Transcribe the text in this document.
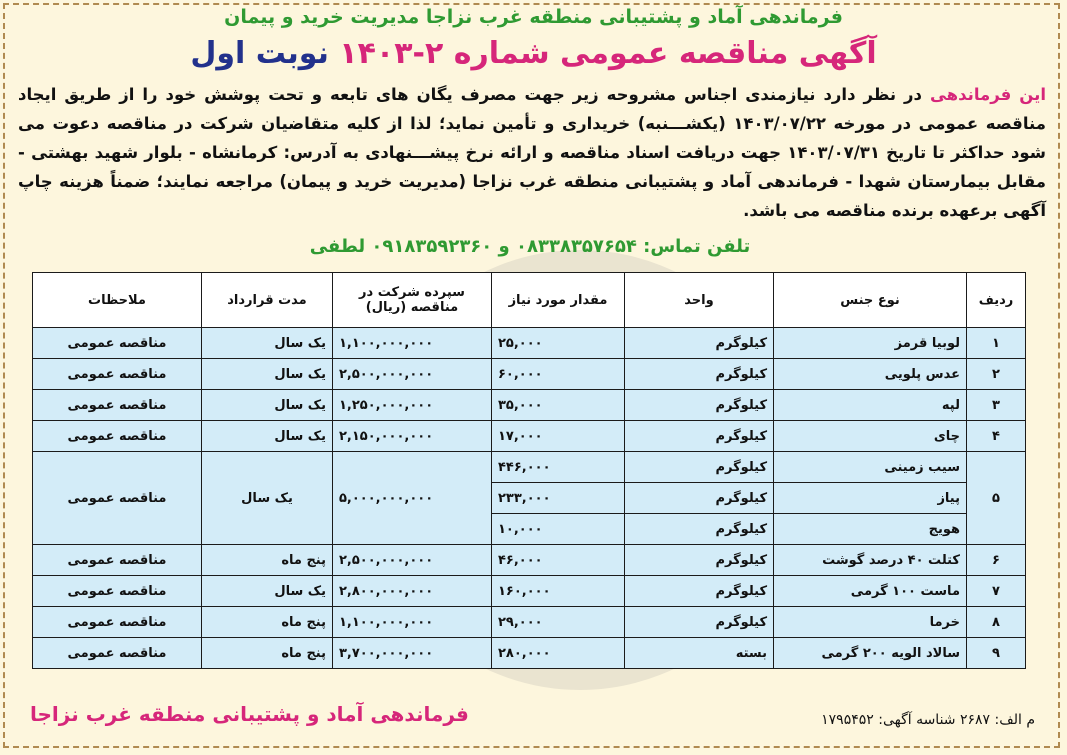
فرماندهی آماد و پشتیبانی منطقه غرب نزاجا مدیریت خرید و پیمان
آگهی مناقصه عمومی شماره ۲-۱۴۰۳ نوبت اول
این فرماندهی در نظر دارد نیازمندی اجناس مشروحه زیر جهت مصرف یگان های تابعه و تحت پوشش خود را از طریق ایجاد مناقصه عمومی در مورخه ۱۴۰۳/۰۷/۲۲ (یکشـــنبه) خریداری و تأمین نماید؛ لذا از کلیه متقاضیان شرکت در مناقصه دعوت می شود حداکثر تا تاریخ ۱۴۰۳/۰۷/۳۱ جهت دریافت اسناد مناقصه و ارائه نرخ پیشـــنهادی به آدرس: کرمانشاه - بلوار شهید بهشتی - مقابل بیمارستان شهدا - فرماندهی آماد و پشتیبانی منطقه غرب نزاجا (مدیریت خرید و پیمان) مراجعه نمایند؛ ضمناً هزینه چاپ آگهی برعهده برنده مناقصه می باشد.
تلفن تماس: ۰۸۳۳۸۳۵۷۶۵۴ و ۰۹۱۸۳۵۹۲۳۶۰ لطفی
ردیف	نوع جنس	واحد	مقدار مورد نیاز	سپرده شرکت در مناقصه (ریال)	مدت قرارداد	ملاحظات
۱	لوبیا قرمز	کیلوگرم	۲۵,۰۰۰	۱,۱۰۰,۰۰۰,۰۰۰	یک سال	مناقصه عمومی
۲	عدس پلویی	کیلوگرم	۶۰,۰۰۰	۲,۵۰۰,۰۰۰,۰۰۰	یک سال	مناقصه عمومی
۳	لپه	کیلوگرم	۳۵,۰۰۰	۱,۲۵۰,۰۰۰,۰۰۰	یک سال	مناقصه عمومی
۴	چای	کیلوگرم	۱۷,۰۰۰	۲,۱۵۰,۰۰۰,۰۰۰	یک سال	مناقصه عمومی
۵	سیب زمینی	کیلوگرم	۴۴۶,۰۰۰	۵,۰۰۰,۰۰۰,۰۰۰	یک سال	مناقصه عمومی
	پیاز	کیلوگرم	۲۳۳,۰۰۰			
	هویج	کیلوگرم	۱۰,۰۰۰			
۶	کتلت ۴۰ درصد گوشت	کیلوگرم	۴۶,۰۰۰	۲,۵۰۰,۰۰۰,۰۰۰	پنج ماه	مناقصه عمومی
۷	ماست ۱۰۰ گرمی	کیلوگرم	۱۶۰,۰۰۰	۲,۸۰۰,۰۰۰,۰۰۰	یک سال	مناقصه عمومی
۸	خرما	کیلوگرم	۲۹,۰۰۰	۱,۱۰۰,۰۰۰,۰۰۰	پنج ماه	مناقصه عمومی
۹	سالاد الویه ۲۰۰ گرمی	بسته	۲۸۰,۰۰۰	۳,۷۰۰,۰۰۰,۰۰۰	پنج ماه	مناقصه عمومی
فرماندهی آماد و پشتیبانی منطقه غرب نزاجا	م الف: ۲۶۸۷ شناسه آگهی: ۱۷۹۵۴۵۲
